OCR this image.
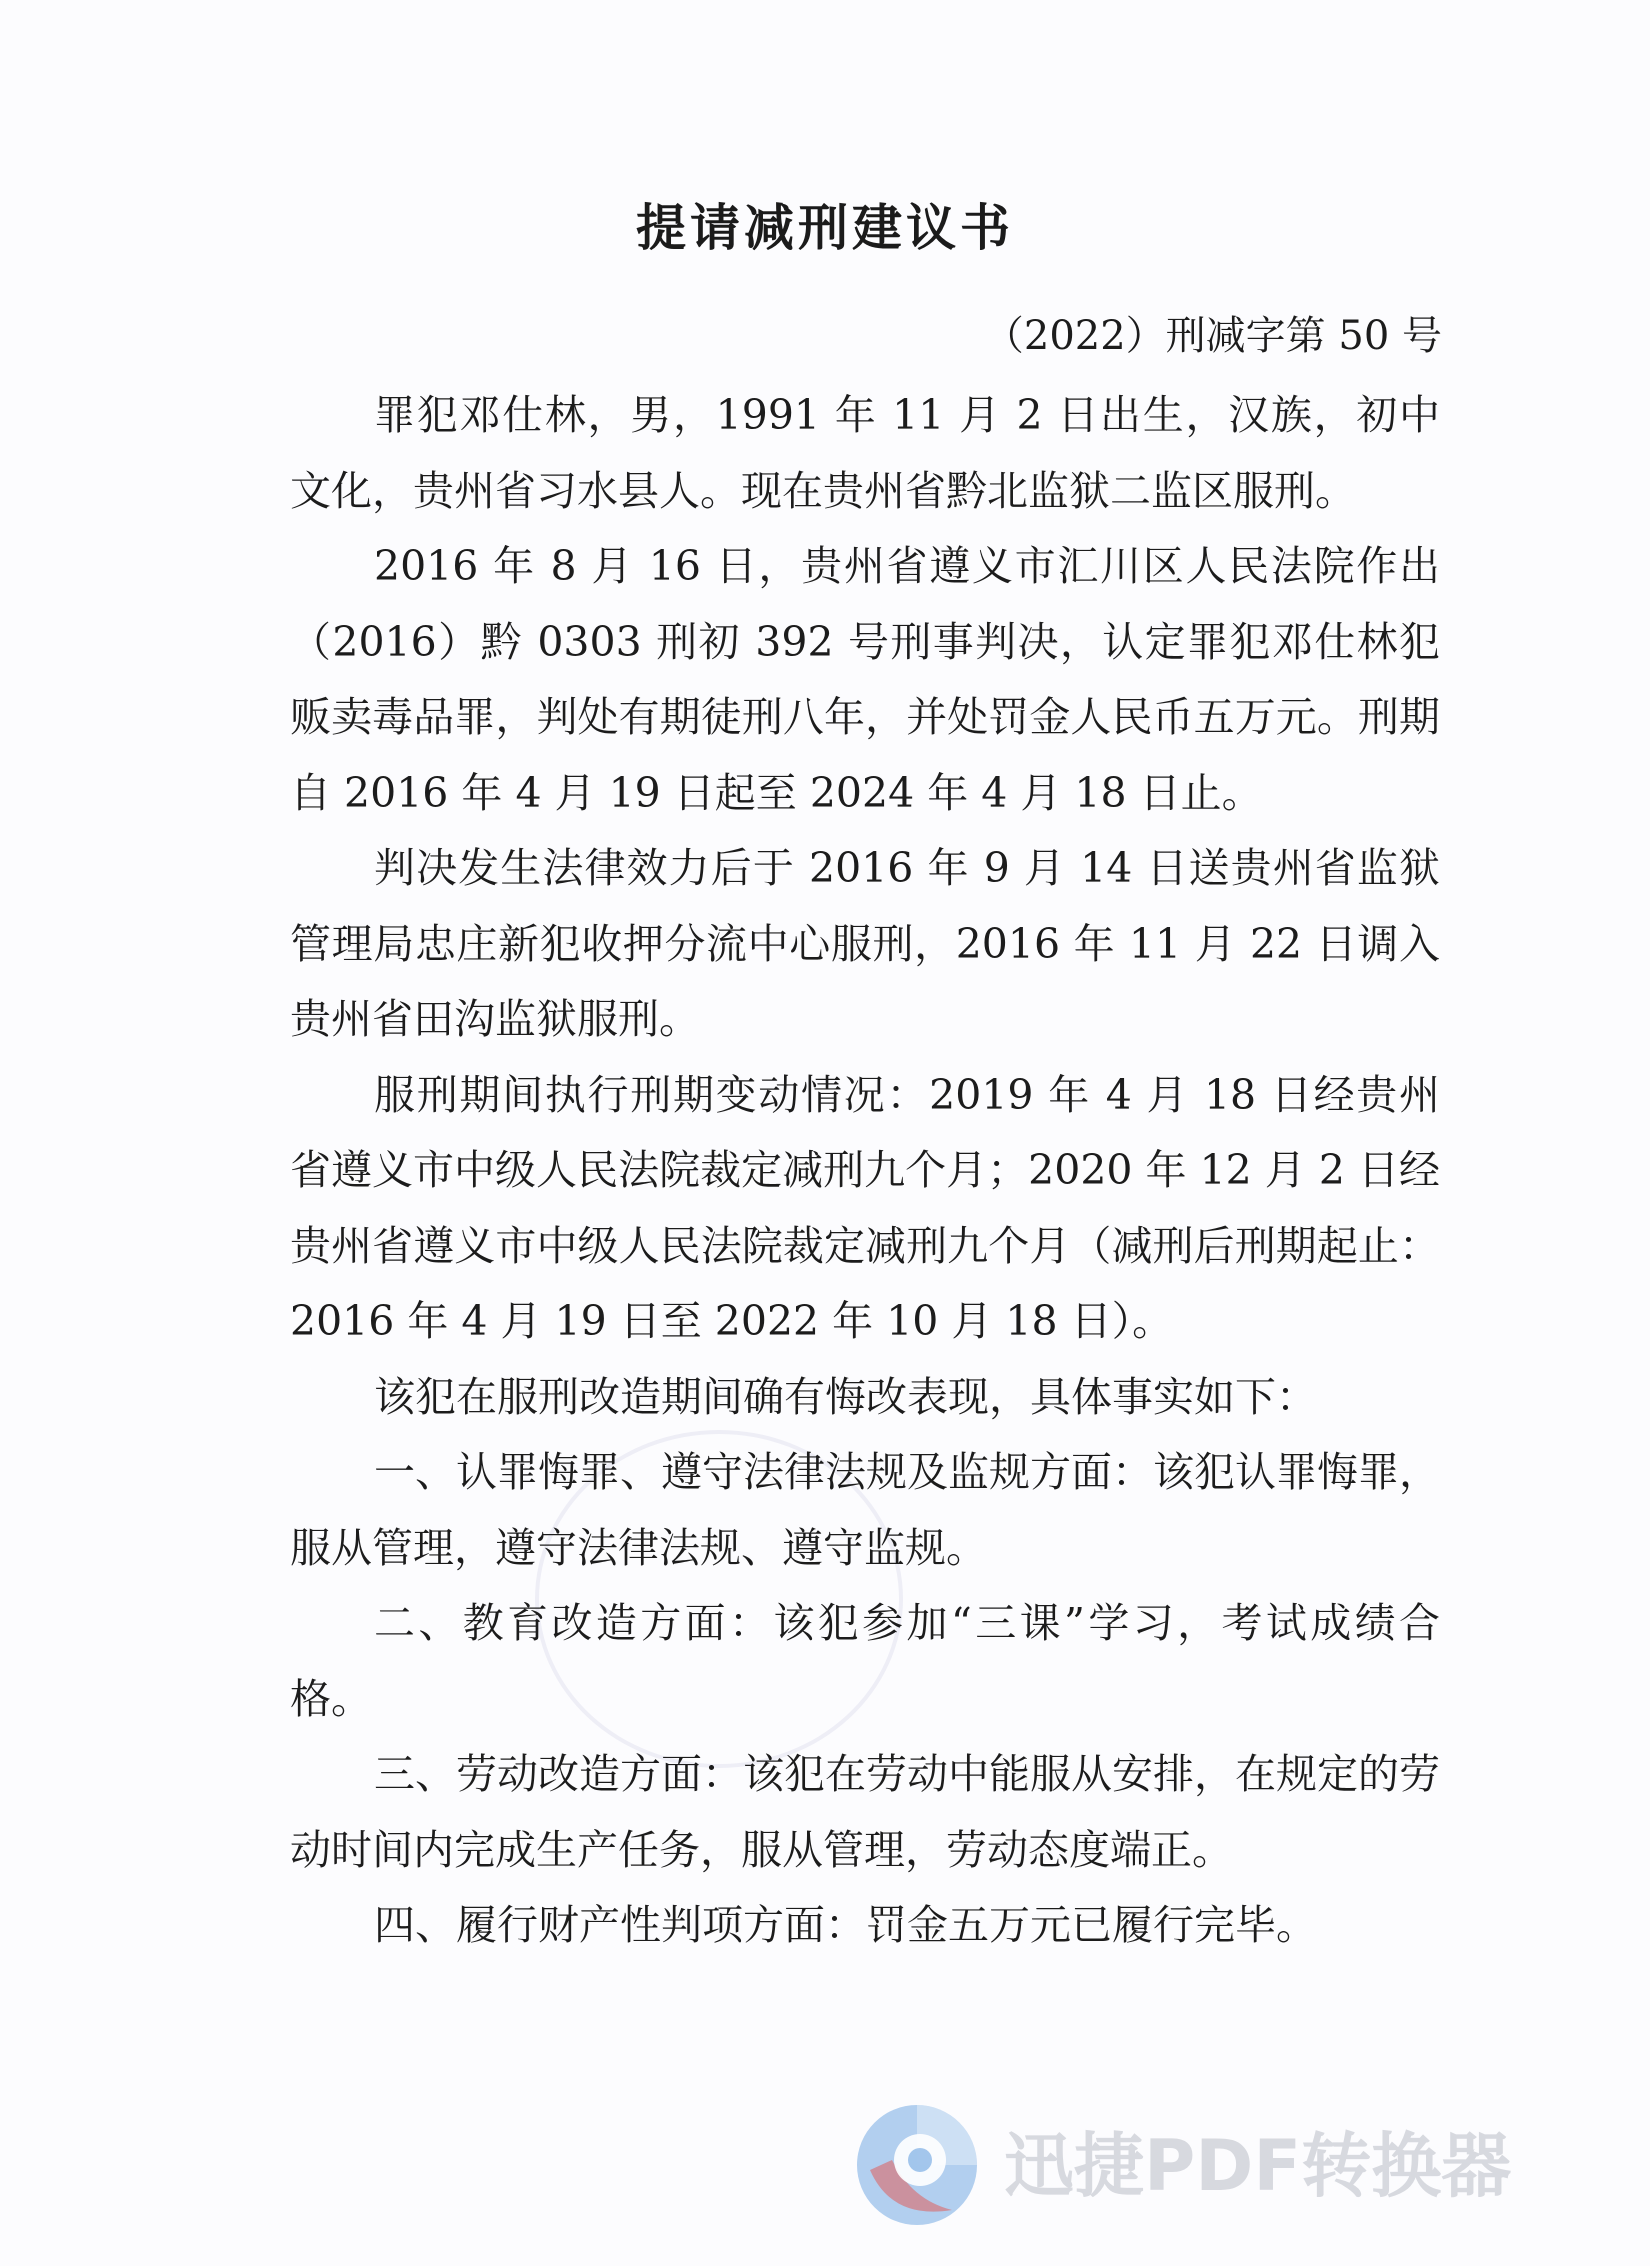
提请减刑建议书
（2022）刑减字第 50 号

罪犯邓仕林，男，1991 年 11 月 2 日出生，汉族，初中文化，贵州省习水县人。现在贵州省黔北监狱二监区服刑。

2016 年 8 月 16 日，贵州省遵义市汇川区人民法院作出（2016）黔 0303 刑初 392 号刑事判决，认定罪犯邓仕林犯贩卖毒品罪，判处有期徒刑八年，并处罚金人民币五万元。刑期自 2016 年 4 月 19 日起至 2024 年 4 月 18 日止。

判决发生法律效力后于 2016 年 9 月 14 日送贵州省监狱管理局忠庄新犯收押分流中心服刑，2016 年 11 月 22 日调入贵州省田沟监狱服刑。

服刑期间执行刑期变动情况：2019 年 4 月 18 日经贵州省遵义市中级人民法院裁定减刑九个月；2020 年 12 月 2 日经贵州省遵义市中级人民法院裁定减刑九个月（减刑后刑期起止：2016 年 4 月 19 日至 2022 年 10 月 18 日）。

该犯在服刑改造期间确有悔改表现，具体事实如下：

一、认罪悔罪、遵守法律法规及监规方面：该犯认罪悔罪，服从管理，遵守法律法规、遵守监规。

二、教育改造方面：该犯参加“三课”学习，考试成绩合格。

三、劳动改造方面：该犯在劳动中能服从安排，在规定的劳动时间内完成生产任务，服从管理，劳动态度端正。

四、履行财产性判项方面：罚金五万元已履行完毕。

迅捷PDF转换器
